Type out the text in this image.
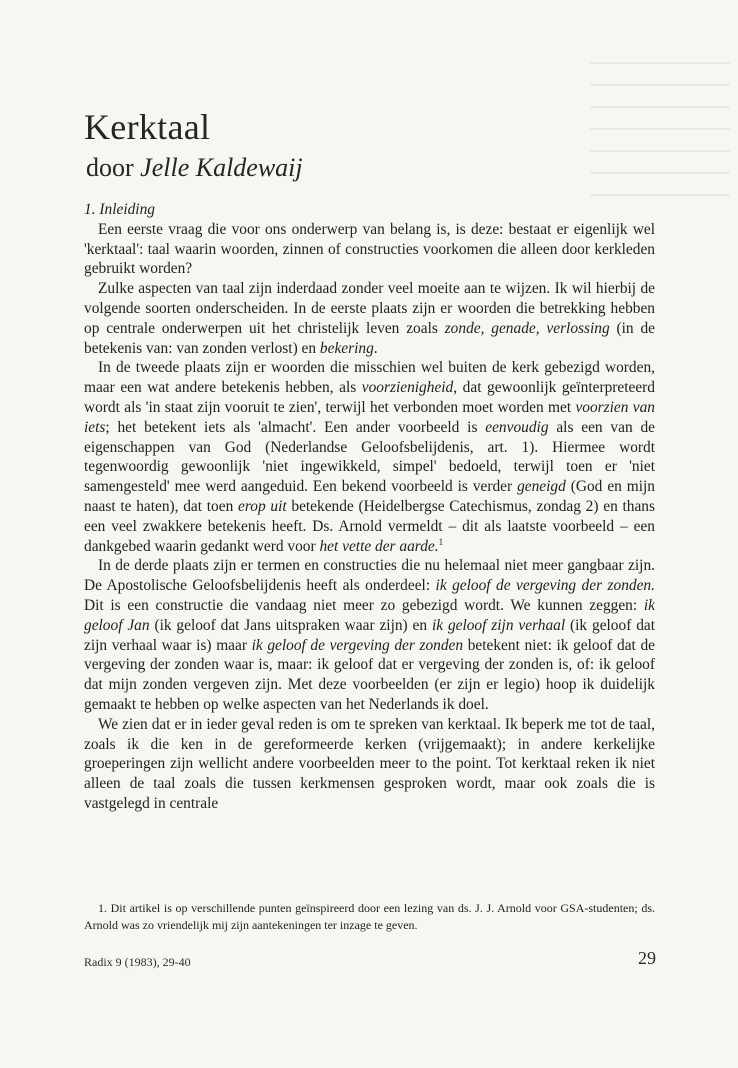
Kerktaal
door Jelle Kaldewaij

1. Inleiding

Een eerste vraag die voor ons onderwerp van belang is, is deze: bestaat er eigenlijk wel 'kerktaal': taal waarin woorden, zinnen of constructies voorkomen die alleen door kerkleden gebruikt worden?

Zulke aspecten van taal zijn inderdaad zonder veel moeite aan te wijzen. Ik wil hierbij de volgende soorten onderscheiden. In de eerste plaats zijn er woorden die betrekking hebben op centrale onderwerpen uit het christelijk leven zoals zonde, genade, verlossing (in de betekenis van: van zonden verlost) en bekering.

In de tweede plaats zijn er woorden die misschien wel buiten de kerk gebezigd worden, maar een wat andere betekenis hebben, als voorzienigheid, dat gewoonlijk geïnterpreteerd wordt als 'in staat zijn vooruit te zien', terwijl het verbonden moet worden met voorzien van iets; het betekent iets als 'almacht'. Een ander voorbeeld is eenvoudig als een van de eigenschappen van God (Nederlandse Geloofsbelijdenis, art. 1). Hiermee wordt tegenwoordig gewoonlijk 'niet ingewikkeld, simpel' bedoeld, terwijl toen er 'niet samengesteld' mee werd aangeduid. Een bekend voorbeeld is verder geneigd (God en mijn naast te haten), dat toen erop uit betekende (Heidelbergse Catechismus, zondag 2) en thans een veel zwakkere betekenis heeft. Ds. Arnold vermeldt – dit als laatste voorbeeld – een dankgebed waarin gedankt werd voor het vette der aarde.$^1$

In de derde plaats zijn er termen en constructies die nu helemaal niet meer gangbaar zijn. De Apostolische Geloofsbelijdenis heeft als onderdeel: ik geloof de vergeving der zonden. Dit is een constructie die vandaag niet meer zo gebezigd wordt. We kunnen zeggen: ik geloof Jan (ik geloof dat Jans uitspraken waar zijn) en ik geloof zijn verhaal (ik geloof dat zijn verhaal waar is) maar ik geloof de vergeving der zonden betekent niet: ik geloof dat de vergeving der zonden waar is, maar: ik geloof dat er vergeving der zonden is, of: ik geloof dat mijn zonden vergeven zijn. Met deze voorbeelden (er zijn er legio) hoop ik duidelijk gemaakt te hebben op welke aspecten van het Nederlands ik doel.

We zien dat er in ieder geval reden is om te spreken van kerktaal. Ik beperk me tot de taal, zoals ik die ken in de gereformeerde kerken (vrijgemaakt); in andere kerkelijke groeperingen zijn wellicht andere voorbeelden meer to the point. Tot kerktaal reken ik niet alleen de taal zoals die tussen kerkmensen gesproken wordt, maar ook zoals die is vastgelegd in centrale

1. Dit artikel is op verschillende punten geïnspireerd door een lezing van ds. J. J. Arnold voor GSA-studenten; ds. Arnold was zo vriendelijk mij zijn aantekeningen ter inzage te geven.

Radix 9 (1983), 29-40	29
